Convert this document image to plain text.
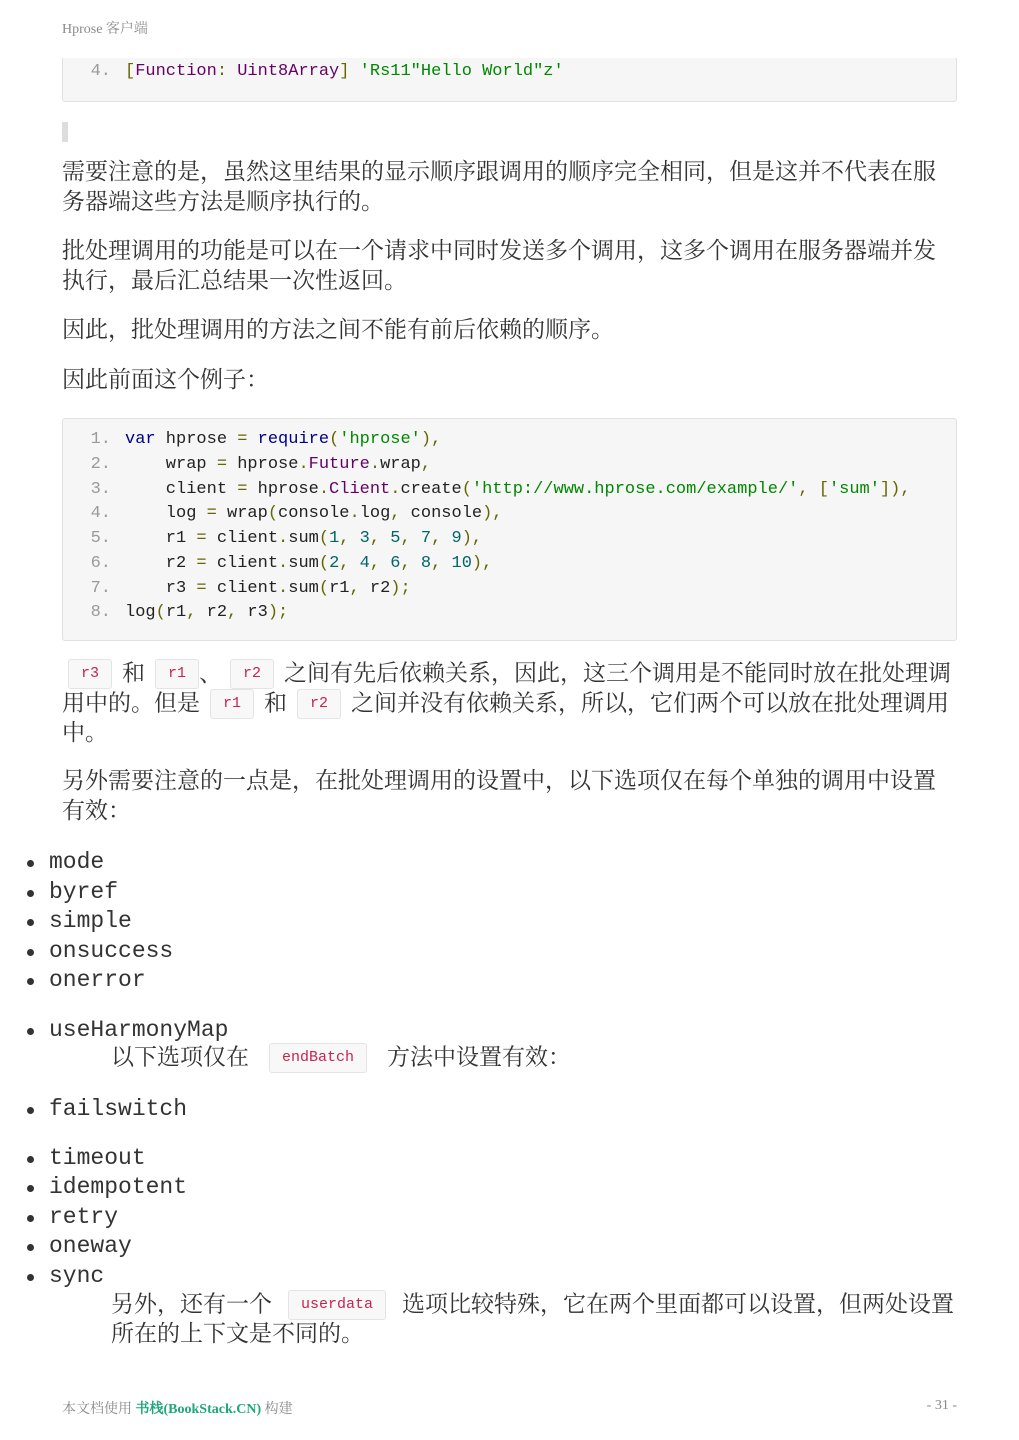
Hprose 客户端
4. [Function: Uint8Array] 'Rs11"Hello World"z'
需要注意的是，虽然这里结果的显示顺序跟调用的顺序完全相同，但是这并不代表在服务器端这些方法是顺序执行的。
批处理调用的功能是可以在一个请求中同时发送多个调用，这多个调用在服务器端并发执行，最后汇总结果一次性返回。
因此，批处理调用的方法之间不能有前后依赖的顺序。
因此前面这个例子：
1. var hprose = require('hprose'),
2. wrap = hprose.Future.wrap,
3. client = hprose.Client.create('http://www.hprose.com/example/', ['sum']),
4. log = wrap(console.log, console),
5. r1 = client.sum(1, 3, 5, 7, 9),
6. r2 = client.sum(2, 4, 6, 8, 10),
7. r3 = client.sum(r1, r2);
8. log(r1, r2, r3);
r3 和 r1 、 r2 之间有先后依赖关系，因此，这三个调用是不能同时放在批处理调用中的。但是 r1 和 r2 之间并没有依赖关系，所以，它们两个可以放在批处理调用中。
另外需要注意的一点是，在批处理调用的设置中，以下选项仅在每个单独的调用中设置有效：
mode
byref
simple
onsuccess
onerror
useHarmonyMap
以下选项仅在 endBatch 方法中设置有效：
failswitch
timeout
idempotent
retry
oneway
sync
另外，还有一个 userdata 选项比较特殊，它在两个里面都可以设置，但两处设置所在的上下文是不同的。
本文档使用 书栈(BookStack.CN) 构建	- 31 -
